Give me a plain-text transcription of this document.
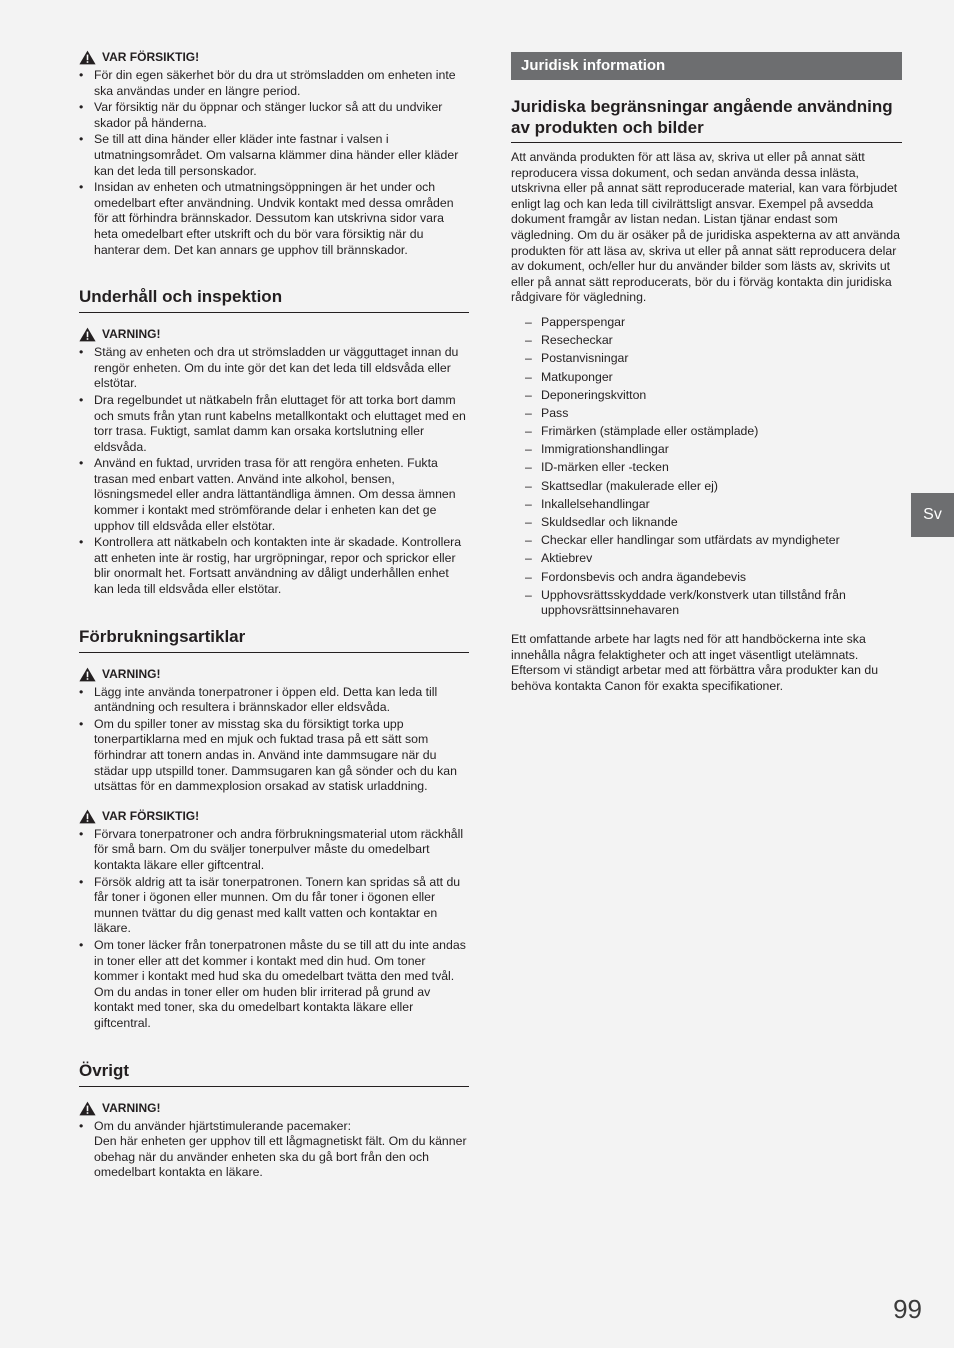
VAR FÖRSIKTIG!
• För din egen säkerhet bör du dra ut strömsladden om enheten inte ska användas under en längre period.
• Var försiktig när du öppnar och stänger luckor så att du undviker skador på händerna.
• Se till att dina händer eller kläder inte fastnar i valsen i utmatningsområdet. Om valsarna klämmer dina händer eller kläder kan det leda till personskador.
• Insidan av enheten och utmatningsöppningen är het under och omedelbart efter användning. Undvik kontakt med dessa områden för att förhindra brännskador. Dessutom kan utskrivna sidor vara heta omedelbart efter utskrift och du bör vara försiktig när du hanterar dem. Det kan annars ge upphov till brännskador.
Underhåll och inspektion
VARNING!
• Stäng av enheten och dra ut strömsladden ur vägguttaget innan du rengör enheten. Om du inte gör det kan det leda till eldsvåda eller elstötar.
• Dra regelbundet ut nätkabeln från eluttaget för att torka bort damm och smuts från ytan runt kabelns metallkontakt och eluttaget med en torr trasa. Fuktigt, samlat damm kan orsaka kortslutning eller eldsvåda.
• Använd en fuktad, urvriden trasa för att rengöra enheten. Fukta trasan med enbart vatten. Använd inte alkohol, bensen, lösningsmedel eller andra lättantändliga ämnen. Om dessa ämnen kommer i kontakt med strömförande delar i enheten kan det ge upphov till eldsvåda eller elstötar.
• Kontrollera att nätkabeln och kontakten inte är skadade. Kontrollera att enheten inte är rostig, har urgröpningar, repor och sprickor eller blir onormalt het. Fortsatt användning av dåligt underhållen enhet kan leda till eldsvåda eller elstötar.
Förbrukningsartiklar
VARNING!
• Lägg inte använda tonerpatroner i öppen eld. Detta kan leda till antändning och resultera i brännskador eller eldsvåda.
• Om du spiller toner av misstag ska du försiktigt torka upp tonerpartiklarna med en mjuk och fuktad trasa på ett sätt som förhindrar att tonern andas in. Använd inte dammsugare när du städar upp utspilld toner. Dammsugaren kan gå sönder och du kan utsättas för en dammexplosion orsakad av statisk urladdning.
VAR FÖRSIKTIG!
• Förvara tonerpatroner och andra förbrukningsmaterial utom räckhåll för små barn. Om du sväljer tonerpulver måste du omedelbart kontakta läkare eller giftcentral.
• Försök aldrig att ta isär tonerpatronen. Tonern kan spridas så att du får toner i ögonen eller munnen. Om du får toner i ögonen eller munnen tvättar du dig genast med kallt vatten och kontaktar en läkare.
• Om toner läcker från tonerpatronen måste du se till att du inte andas in toner eller att det kommer i kontakt med din hud. Om toner kommer i kontakt med hud ska du omedelbart tvätta den med tvål. Om du andas in toner eller om huden blir irriterad på grund av kontakt med toner, ska du omedelbart kontakta läkare eller giftcentral.
Övrigt
VARNING!
• Om du använder hjärtstimulerande pacemaker:
Den här enheten ger upphov till ett lågmagnetiskt fält. Om du känner obehag när du använder enheten ska du gå bort från den och omedelbart kontakta en läkare.
Juridisk information
Juridiska begränsningar angående användning av produkten och bilder

Att använda produkten för att läsa av, skriva ut eller på annat sätt reproducera vissa dokument, och sedan använda dessa inlästa, utskrivna eller på annat sätt reproducerade material, kan vara förbjudet enligt lag och kan leda till civilrättsligt ansvar. Exempel på avsedda dokument framgår av listan nedan. Listan tjänar endast som vägledning. Om du är osäker på de juridiska aspekterna av att använda produkten för att läsa av, skriva ut eller på annat sätt reproducera delar av dokument, och/eller hur du använder bilder som lästs av, skrivits ut eller på annat sätt reproducerats, bör du i förväg kontakta din juridiska rådgivare för vägledning.

– Papperspengar
– Resecheckar
– Postanvisningar
– Matkuponger
– Deponeringskvitton
– Pass
– Frimärken (stämplade eller ostämplade)
– Immigrationshandlingar
– ID-märken eller -tecken
– Skattsedlar (makulerade eller ej)
– Inkallelsehandlingar
– Skuldsedlar och liknande
– Checkar eller handlingar som utfärdats av myndigheter
– Aktiebrev
– Fordonsbevis och andra ägandebevis
– Upphovsrättsskyddade verk/konstverk utan tillstånd från upphovsrättsinnehavaren

Ett omfattande arbete har lagts ned för att handböckerna inte ska innehålla några felaktigheter och att inget väsentligt utelämnats. Eftersom vi ständigt arbetar med att förbättra våra produkter kan du behöva kontakta Canon för exakta specifikationer.

Sv
99
